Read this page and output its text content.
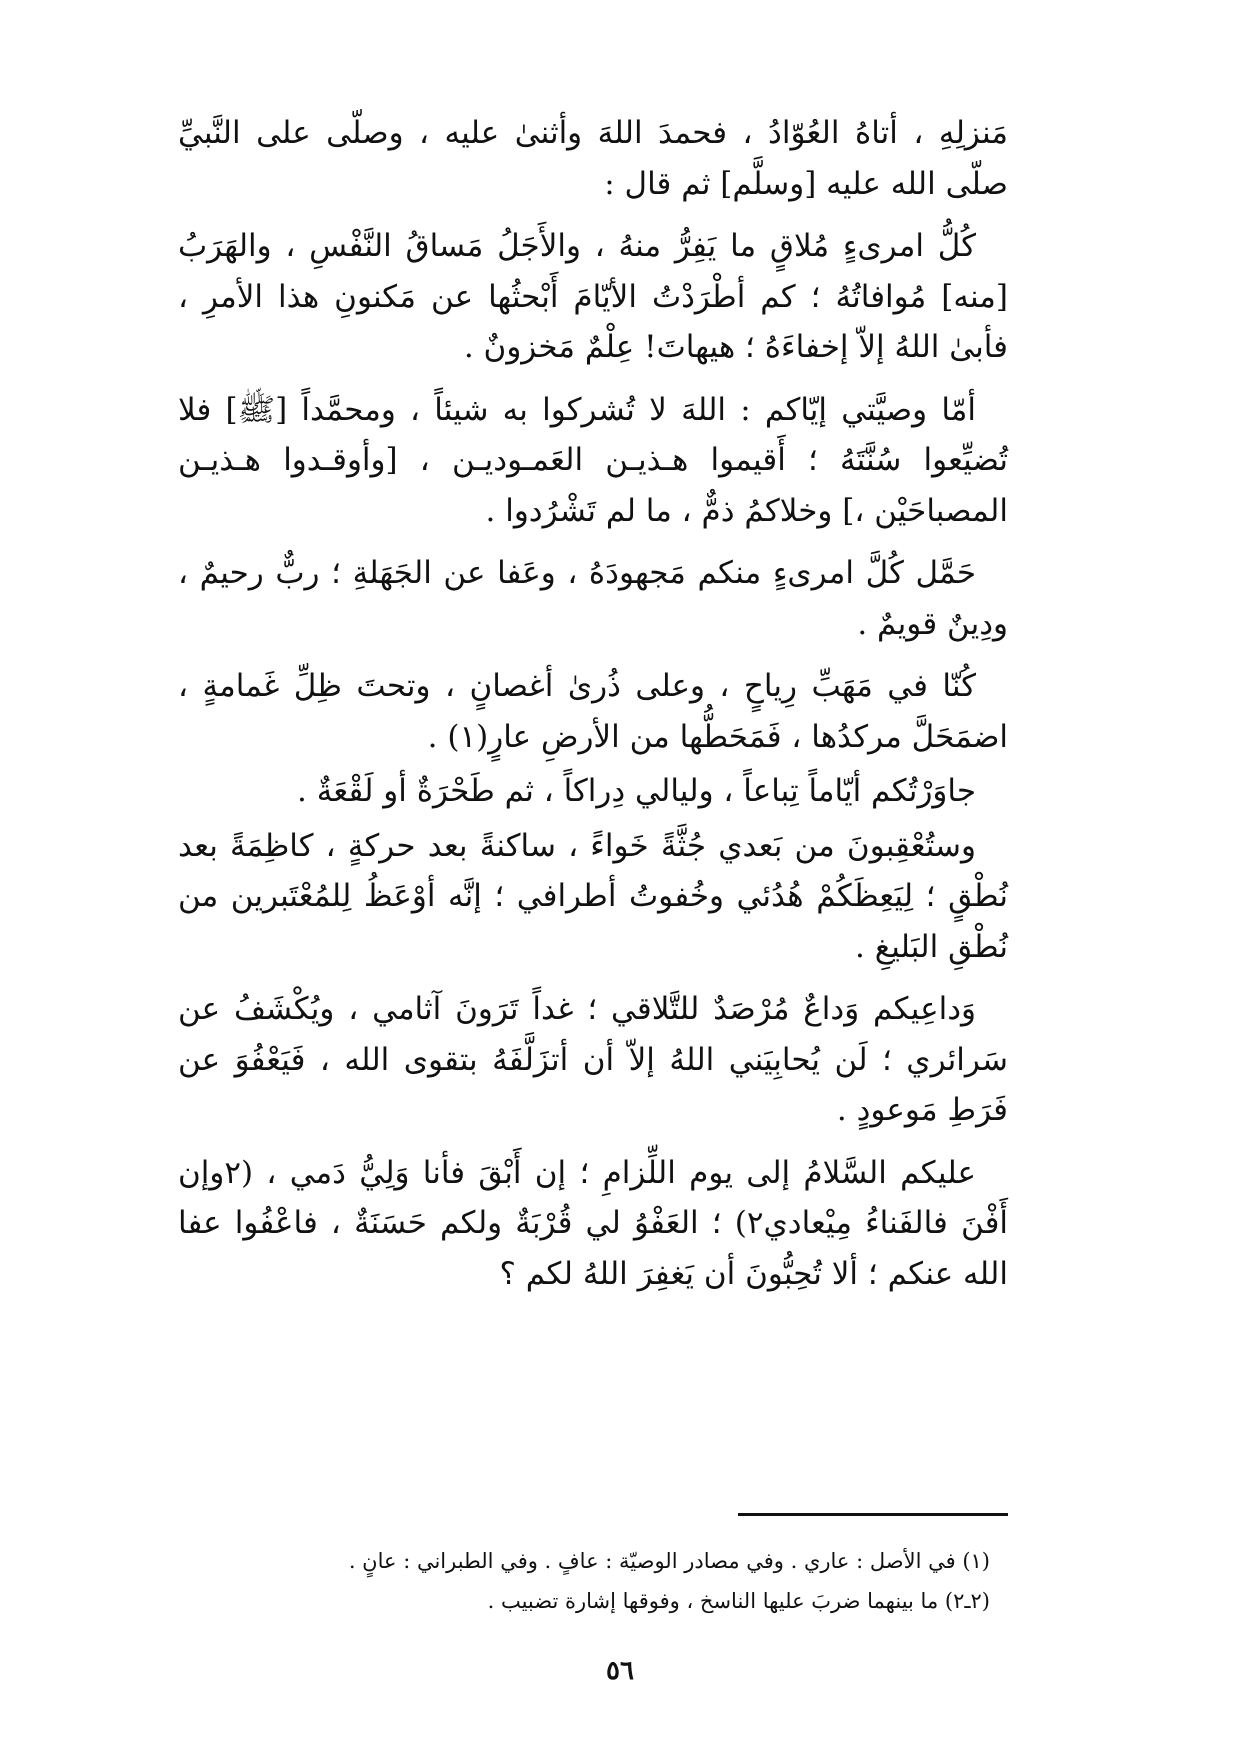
مَنزلِهِ ، أتاهُ العُوّادُ ، فحمدَ اللهَ وأثنىٰ عليه ، وصلّى على النَّبيِّ صلّى الله عليه [وسلَّم] ثم قال :

كُلُّ امرىءٍ مُلاقٍ ما يَفِرُّ منهُ ، والأَجَلُ مَساقُ النَّفْسِ ، والهَرَبُ [منه] مُوافاتُهُ ؛ كم أطْرَدْتُ الأيّامَ أَبْحثُها عن مَكنونِ هذا الأمرِ ، فأبىٰ اللهُ إلاّ إخفاءَهُ ؛ هيهاتَ! عِلْمٌ مَخزونٌ .

أمّا وصيَّتي إيّاكم : اللهَ لا تُشركوا به شيئاً ، ومحمَّداً [ﷺ] فلا تُضيِّعوا سُنَّتَهُ ؛ أَقيموا هـذيـن العَمـوديـن ، [وأوقـدوا هـذيـن المصباحَيْن ،] وخلاكمُ ذمٌّ ، ما لم تَشْرُدوا .

حَمَّل كُلَّ امرىءٍ منكم مَجهودَهُ ، وعَفا عن الجَهَلةِ ؛ ربٌّ رحيمٌ ، ودِينٌ قويمٌ .

كُنّا في مَهَبِّ رِياحٍ ، وعلى ذُرىٰ أغصانٍ ، وتحتَ ظِلِّ غَمامةٍ ، اضمَحَلَّ مركدُها ، فَمَحَطُّها من الأرضِ عارٍ(١) .

جاوَرْتُكم أيّاماً تِباعاً ، وليالي دِراكاً ، ثم طَحْرَةٌ أو لَقْعَةٌ .

وستُعْقِبونَ من بَعدي جُثَّةً خَواءً ، ساكنةً بعد حركةٍ ، كاظِمَةً بعد نُطْقٍ ؛ لِيَعِظَكُمْ هُدُئي وخُفوتُ أطرافي ؛ إنَّه أوْعَظُ لِلمُعْتَبرين من نُطْقِ البَليغِ .

وَداعِيكم وَداعٌ مُرْصَدٌ للتَّلاقي ؛ غداً تَرَونَ آثامي ، ويُكْشَفُ عن سَرائري ؛ لَن يُحابِيَني اللهُ إلاّ أن أتزَلَّفَهُ بتقوى الله ، فَيَعْفُوَ عن فَرَطِ مَوعودٍ .

عليكم السَّلامُ إلى يوم اللِّزامِ ؛ إن أَبْقَ فأنا وَلِيُّ دَمي ، (٢وإن أَفْنَ فالفَناءُ مِيْعادي٢) ؛ العَفْوُ لي قُرْبَةٌ ولكم حَسَنَةٌ ، فاعْفُوا عفا الله عنكم ؛ ألا تُحِبُّونَ أن يَغفِرَ اللهُ لكم ؟

(١) في الأصل : عاري . وفي مصادر الوصيّة : عافٍ . وفي الطبراني : عانٍ .

(٢ـ٢) ما بينهما ضربَ عليها الناسخ ، وفوقها إشارة تضبيب .

٥٦
